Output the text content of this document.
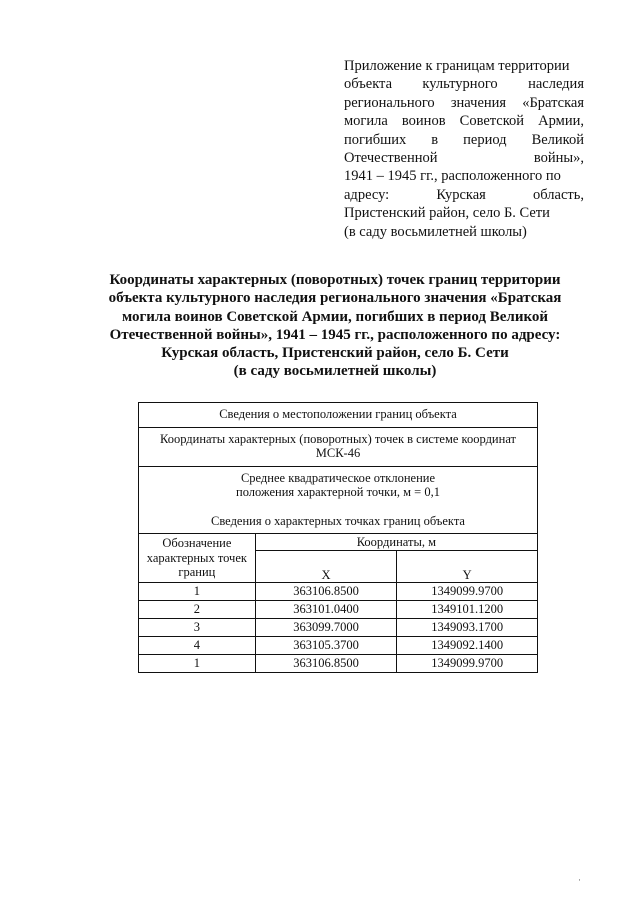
Приложение к границам территории
объекта культурного наследия
регионального значения «Братская
могила воинов Советской Армии,
погибших в период Великой
Отечественной войны»,
1941 – 1945 гг., расположенного по
адресу: Курская область,
Пристенский район, село Б. Сети
(в саду восьмилетней школы)
Координаты характерных (поворотных) точек границ территории
объекта культурного наследия регионального значения «Братская
могила воинов Советской Армии, погибших в период Великой
Отечественной войны», 1941 – 1945 гг., расположенного по адресу:
Курская область, Пристенский район, село Б. Сети
(в саду восьмилетней школы)
Сведения о местоположении границ объекта		

Координаты характерных (поворотных) точек в системе координат
МСК-46		

Среднее квадратическое отклонение
положения характерной точки, м = 0,1
Сведения о характерных точках границ объекта		

Обозначение
характерных точек
границ	Координаты, м	
	X	Y
1	363106.8500	1349099.9700
2	363101.0400	1349101.1200
3	363099.7000	1349093.1700
4	363105.3700	1349092.1400
1	363106.8500	1349099.9700
·
